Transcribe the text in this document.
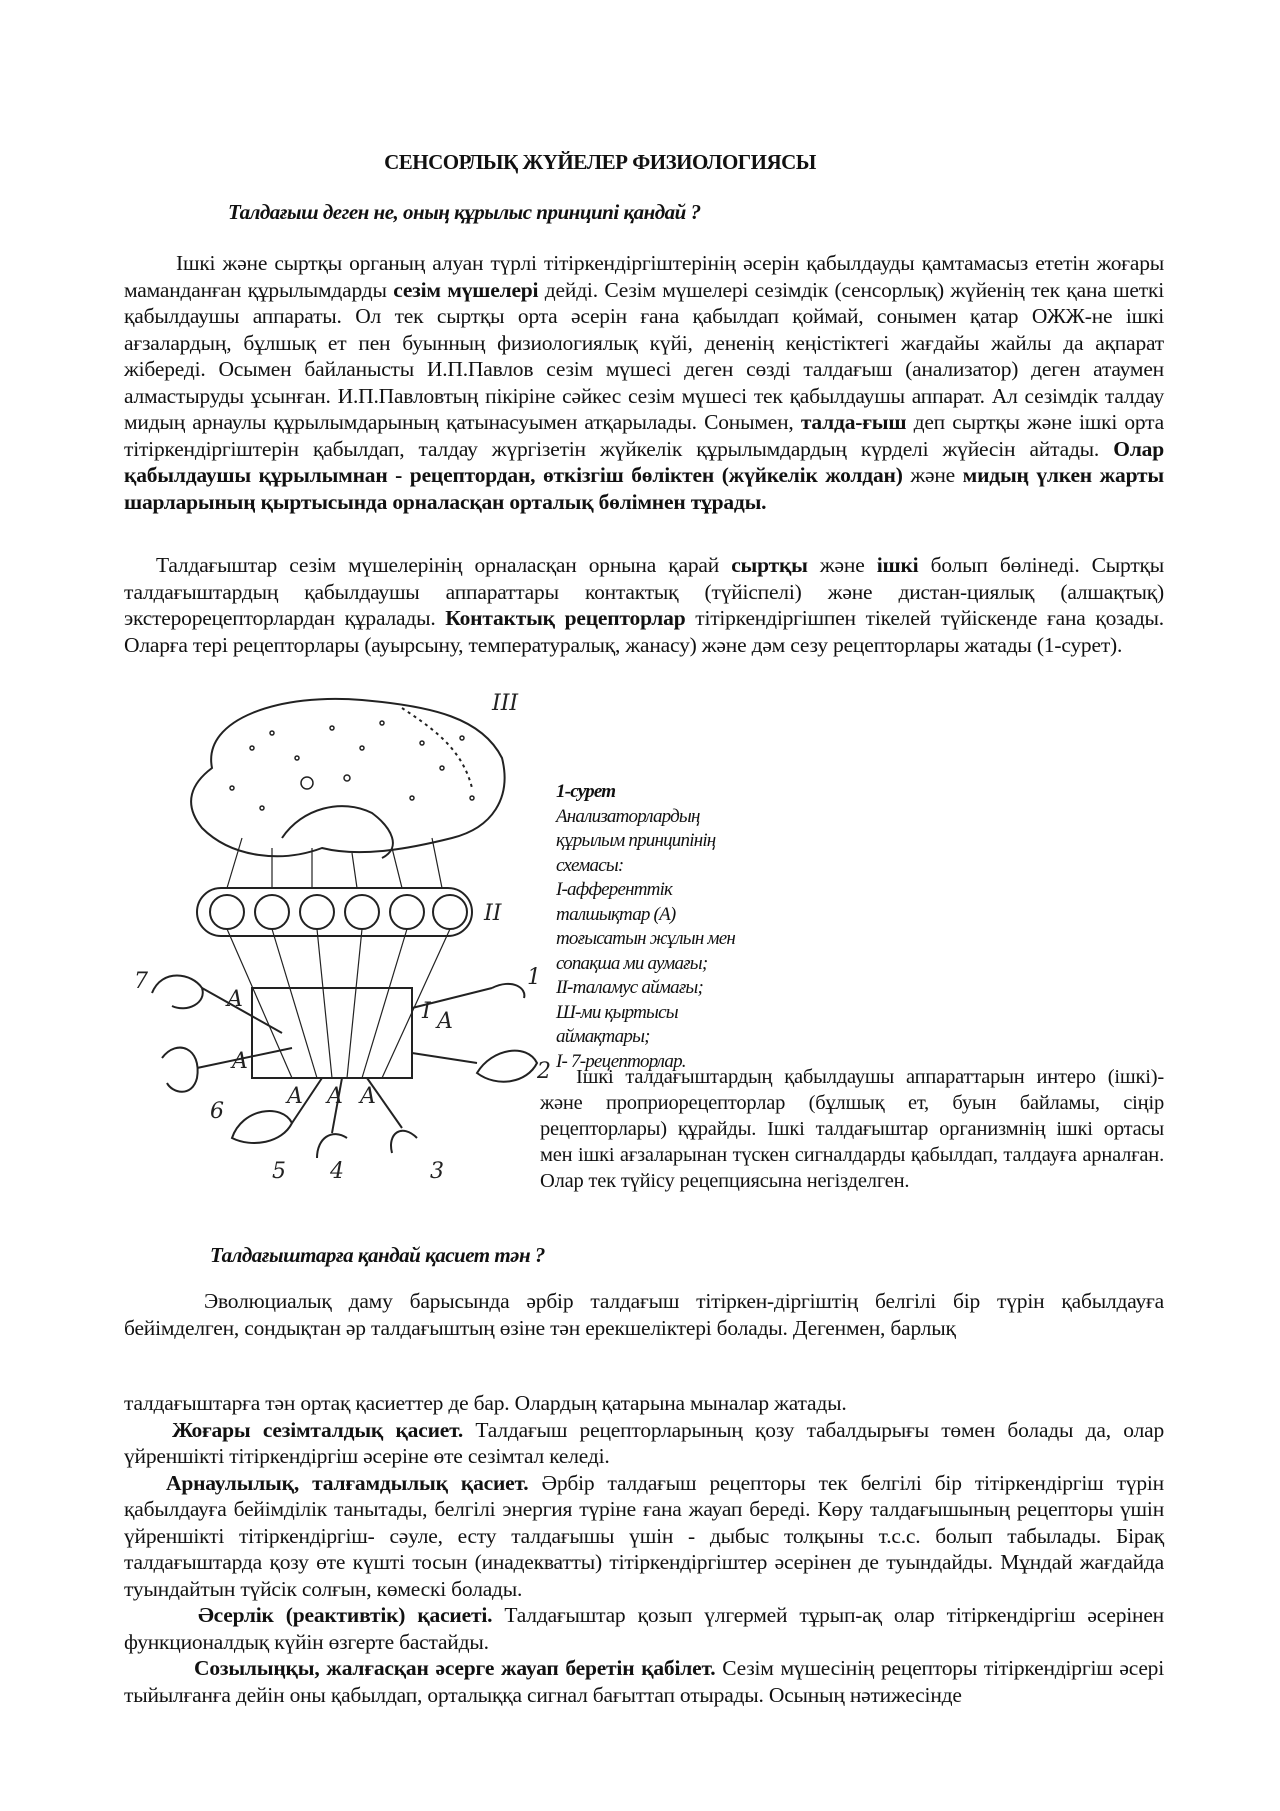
СЕНСОРЛЫҚ ЖҮЙЕЛЕР ФИЗИОЛОГИЯСЫ
Талдағыш деген не, оның құрылыс принципі қандай ?

Ішкі және сыртқы органың алуан түрлі тітіркендіргіштерінің әсерін қабылдауды қамтамасыз ететін жоғары маманданған құрылымдарды сезім мүшелері дейді. Сезім мүшелері сезімдік (сенсорлық) жүйенің тек қана шеткі қабылдаушы аппараты. Ол тек сыртқы орта әсерін ғана қабылдап қоймай, сонымен қатар ОЖЖ-не ішкі ағзалардың, бұлшық ет пен буынның физиологиялық күйі, дененің кеңістіктегі жағдайы жайлы да ақпарат жібереді. Осымен байланысты И.П.Павлов сезім мүшесі деген сөзді талдағыш (анализатор) деген атаумен алмастыруды ұсынған. И.П.Павловтың пікіріне сәйкес сезім мүшесі тек қабылдаушы аппарат. Ал сезімдік талдау мидың арнаулы құрылымдарының қатынасуымен атқарылады. Сонымен, талда-ғыш деп сыртқы және ішкі орта тітіркендіргіштерін қабылдап, талдау жүргізетін жүйкелік құрылымдардың күрделі жүйесін айтады. Олар қабылдаушы құрылымнан - рецептордан, өткізгіш бөліктен (жүйкелік жолдан) және мидың үлкен жарты шарларының қыртысында орналасқан орталық бөлімнен тұрады.

Талдағыштар сезім мүшелерінің орналасқан орнына қарай сыртқы және ішкі болып бөлінеді. Сыртқы талдағыштардың қабылдаушы аппараттары контактық (түйіспелі) және дистан-циялық (алшақтық) экстерорецепторлардан құралады. Контактық рецепторлар тітіркендіргішпен тікелей түйіскенде ғана қозады. Оларға тері рецепторлары (ауырсыну, температуралық, жанасу) және дәм сезу рецепторлары жатады (1-сурет).

III
II
I
A
A
A
A A A
1
2
3
4
5
6
7
1-сурет
Анализаторлардың
құрылым принципінің
схемасы:
І-афференттік
талшықтар (А)
тоғысатын жұлын мен
сопақша ми аумағы;
ІІ-таламус аймағы;
Ш-ми қыртысы
аймақтары;
І- 7-рецепторлар.

Ішкі талдағыштардың қабылдаушы аппараттарын интеро (ішкі)-және проприорецепторлар (бұлшық ет, буын байламы, сіңір рецепторлары) құрайды. Ішкі талдағыштар организмнің ішкі ортасы мен ішкі ағзаларынан түскен сигналдарды қабылдап, талдауға арналған. Олар тек түйісу рецепциясына негізделген.

Талдағыштарға қандай қасиет тән ?

Эволюциалық даму барысында әрбір талдағыш тітіркен-діргіштің белгілі бір түрін қабылдауға бейімделген, сондықтан әр талдағыштың өзіне тән ерекшеліктері болады. Дегенмен, барлық

талдағыштарға тән ортақ қасиеттер де бар. Олардың қатарына мыналар жатады.

Жоғары сезімталдық қасиет. Талдағыш рецепторларының қозу табалдырығы төмен болады да, олар үйреншікті тітіркендіргіш әсеріне өте сезімтал келеді.

Арнаулылық, талғамдылық қасиет. Әрбір талдағыш рецепторы тек белгілі бір тітіркендіргіш түрін қабылдауға бейімділік танытады, белгілі энергия түріне ғана жауап береді. Көру талдағышының рецепторы үшін үйреншікті тітіркендіргіш- сәуле, есту талдағышы үшін - дыбыс толқыны т.с.с. болып табылады. Бірақ талдағыштарда қозу өте күшті тосын (инадекватты) тітіркендіргіштер әсерінен де туындайды. Мұндай жағдайда туындайтын түйсік солғын, көмескі болады.

Әсерлік (реактивтік) қасиеті. Талдағыштар қозып үлгермей тұрып-ақ олар тітіркендіргіш әсерінен функционалдық күйін өзгерте бастайды.

Созылыңқы, жалғасқан әсерге жауап беретін қабілет. Сезім мүшесінің рецепторы тітіркендіргіш әсері тыйылғанға дейін оны қабылдап, орталыққа сигнал бағыттап отырады. Осының нәтижесінде
